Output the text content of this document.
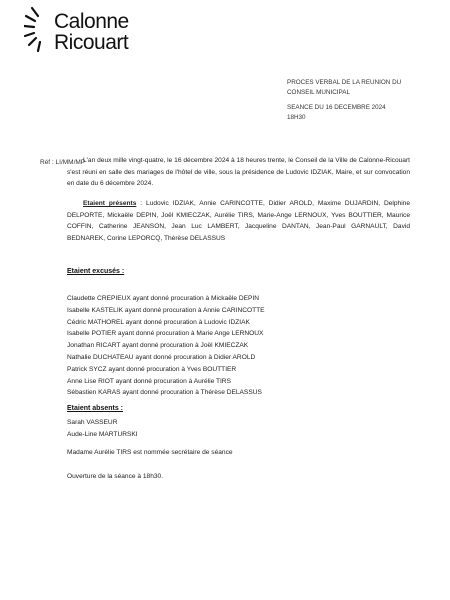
Calonne
Ricouart
PROCES VERBAL DE LA REUNION DU
CONSEIL MUNICIPAL
SEANCE DU 16 DECEMBRE 2024
18H30
Réf : LI/MM/MP
L'an deux mille vingt-quatre, le 16 décembre 2024 à 18 heures trente, le Conseil de la Ville de Calonne-Ricouart s'est réuni en salle des mariages de l'hôtel de ville, sous la présidence de Ludovic IDZIAK, Maire, et sur convocation en date du 6 décembre 2024.
Etaient présents : Ludovic IDZIAK, Annie CARINCOTTE, Didier AROLD, Maxime DUJARDIN, Delphine DELPORTE, Mickaële DEPIN, Joël KMIECZAK, Aurélie TIRS, Marie-Ange LERNOUX, Yves BOUTTIER, Maurice COFFIN, Catherine JEANSON, Jean Luc LAMBERT, Jacqueline DANTAN, Jean-Paul GARNAULT, David BEDNAREK, Corine LEPORCQ, Thérèse DELASSUS
Etaient excusés :
Claudette CREPIEUX ayant donné procuration à Mickaële DEPIN
Isabelle KASTELIK ayant donné procuration à Annie CARINCOTTE
Cédric MATHOREL ayant donné procuration à Ludovic IDZIAK
Isabelle POTIER ayant donné procuration à Marie Ange LERNOUX
Jonathan RICART ayant donné procuration à Joël KMIECZAK
Nathalie DUCHATEAU ayant donné procuration à Didier AROLD
Patrick SYCZ ayant donné procuration à Yves BOUTTIER
Anne Lise RIOT ayant donné procuration à Aurélie TIRS
Sébastien KARAS ayant donné procuration à Thérèse DELASSUS
Etaient absents :
Sarah VASSEUR
Aude-Line MARTURSKI
Madame Aurélie TIRS est nommée secrétaire de séance
Ouverture de la séance à 18h30.
